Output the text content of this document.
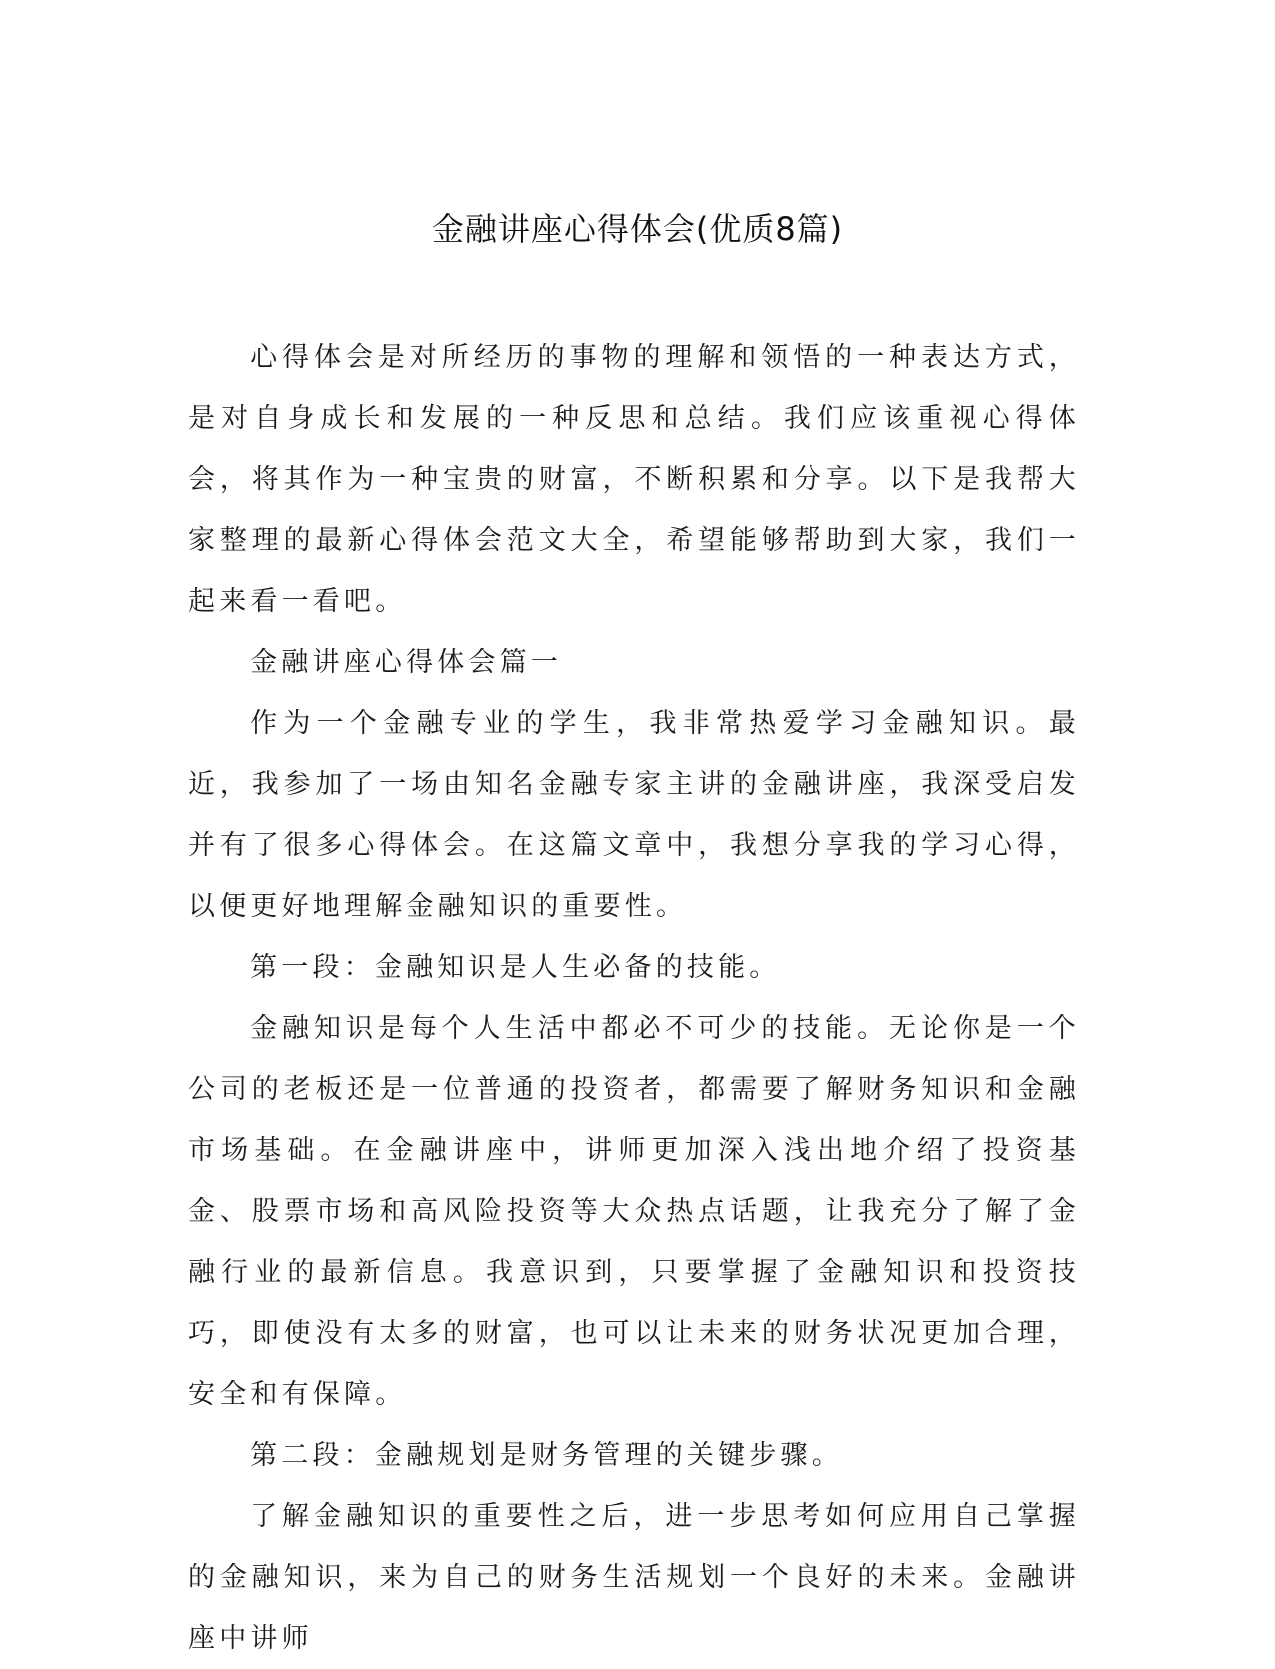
金融讲座心得体会(优质8篇)

心得体会是对所经历的事物的理解和领悟的一种表达方式，是对自身成长和发展的一种反思和总结。我们应该重视心得体会，将其作为一种宝贵的财富，不断积累和分享。以下是我帮大家整理的最新心得体会范文大全，希望能够帮助到大家，我们一起来看一看吧。

金融讲座心得体会篇一

作为一个金融专业的学生，我非常热爱学习金融知识。最近，我参加了一场由知名金融专家主讲的金融讲座，我深受启发并有了很多心得体会。在这篇文章中，我想分享我的学习心得，以便更好地理解金融知识的重要性。

第一段：金融知识是人生必备的技能。

金融知识是每个人生活中都必不可少的技能。无论你是一个公司的老板还是一位普通的投资者，都需要了解财务知识和金融市场基础。在金融讲座中，讲师更加深入浅出地介绍了投资基金、股票市场和高风险投资等大众热点话题，让我充分了解了金融行业的最新信息。我意识到，只要掌握了金融知识和投资技巧，即使没有太多的财富，也可以让未来的财务状况更加合理，安全和有保障。

第二段：金融规划是财务管理的关键步骤。

了解金融知识的重要性之后，进一步思考如何应用自己掌握的金融知识，来为自己的财务生活规划一个良好的未来。金融讲座中讲师
